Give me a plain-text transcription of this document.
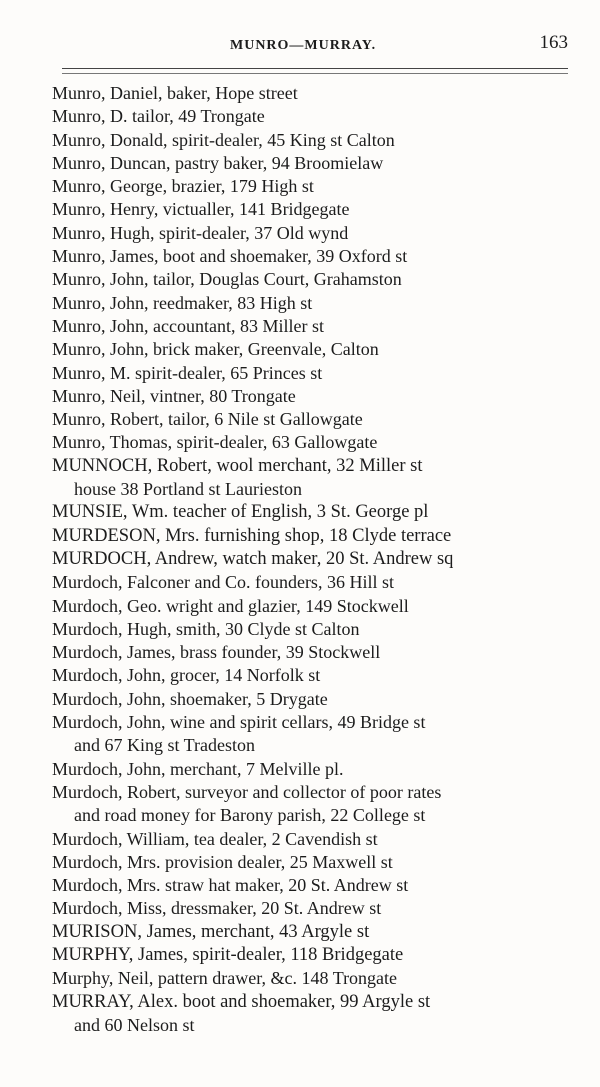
MUNRO—MURRAY.	163
Munro, Daniel, baker, Hope street
Munro, D. tailor, 49 Trongate
Munro, Donald, spirit-dealer, 45 King st Calton
Munro, Duncan, pastry baker, 94 Broomielaw
Munro, George, brazier, 179 High st
Munro, Henry, victualler, 141 Bridgegate
Munro, Hugh, spirit-dealer, 37 Old wynd
Munro, James, boot and shoemaker, 39 Oxford st
Munro, John, tailor, Douglas Court, Grahamston
Munro, John, reedmaker, 83 High st
Munro, John, accountant, 83 Miller st
Munro, John, brick maker, Greenvale, Calton
Munro, M. spirit-dealer, 65 Princes st
Munro, Neil, vintner, 80 Trongate
Munro, Robert, tailor, 6 Nile st Gallowgate
Munro, Thomas, spirit-dealer, 63 Gallowgate
MUNNOCH, Robert, wool merchant, 32 Miller st
house 38 Portland st Laurieston
MUNSIE, Wm. teacher of English, 3 St. George pl
MURDESON, Mrs. furnishing shop, 18 Clyde terrace
MURDOCH, Andrew, watch maker, 20 St. Andrew sq
Murdoch, Falconer and Co. founders, 36 Hill st
Murdoch, Geo. wright and glazier, 149 Stockwell
Murdoch, Hugh, smith, 30 Clyde st Calton
Murdoch, James, brass founder, 39 Stockwell
Murdoch, John, grocer, 14 Norfolk st
Murdoch, John, shoemaker, 5 Drygate
Murdoch, John, wine and spirit cellars, 49 Bridge st
and 67 King st Tradeston
Murdoch, John, merchant, 7 Melville pl.
Murdoch, Robert, surveyor and collector of poor rates
and road money for Barony parish, 22 College st
Murdoch, William, tea dealer, 2 Cavendish st
Murdoch, Mrs. provision dealer, 25 Maxwell st
Murdoch, Mrs. straw hat maker, 20 St. Andrew st
Murdoch, Miss, dressmaker, 20 St. Andrew st
MURISON, James, merchant, 43 Argyle st
MURPHY, James, spirit-dealer, 118 Bridgegate
Murphy, Neil, pattern drawer, &c. 148 Trongate
MURRAY, Alex. boot and shoemaker, 99 Argyle st
and 60 Nelson st
